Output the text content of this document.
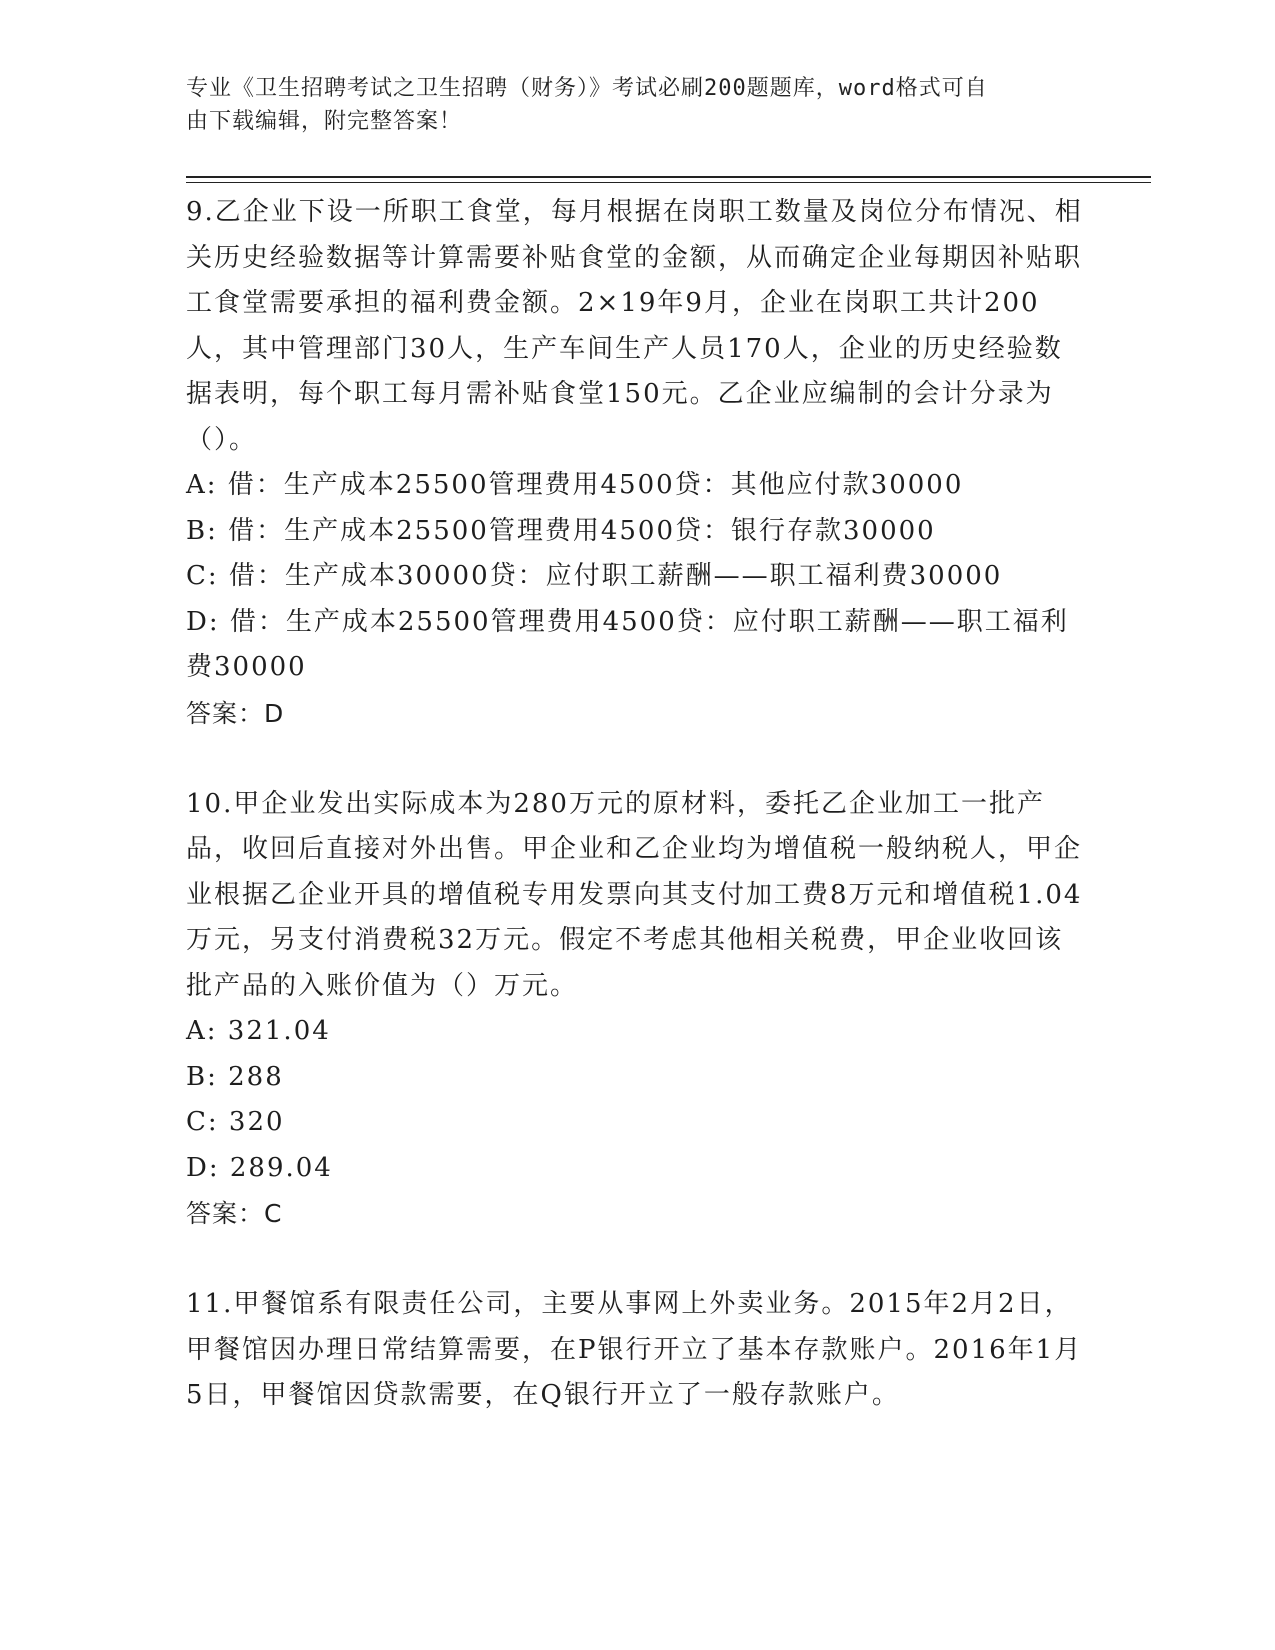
专业《卫生招聘考试之卫生招聘（财务）》考试必刷200题题库，word格式可自
由下载编辑，附完整答案！

9.乙企业下设一所职工食堂，每月根据在岗职工数量及岗位分布情况、相关历史经验数据等计算需要补贴食堂的金额，从而确定企业每期因补贴职工食堂需要承担的福利费金额。2×19年9月，企业在岗职工共计200人，其中管理部门30人，生产车间生产人员170人，企业的历史经验数据表明，每个职工每月需补贴食堂150元。乙企业应编制的会计分录为（）。

A: 借：生产成本25500管理费用4500贷：其他应付款30000

B: 借：生产成本25500管理费用4500贷：银行存款30000

C: 借：生产成本30000贷：应付职工薪酬——职工福利费30000

D: 借：生产成本25500管理费用4500贷：应付职工薪酬——职工福利费30000

答案：D

10.甲企业发出实际成本为280万元的原材料，委托乙企业加工一批产品，收回后直接对外出售。甲企业和乙企业均为增值税一般纳税人，甲企业根据乙企业开具的增值税专用发票向其支付加工费8万元和增值税1.04万元，另支付消费税32万元。假定不考虑其他相关税费，甲企业收回该批产品的入账价值为（）万元。

A: 321.04

B: 288

C: 320

D: 289.04

答案：C

11.甲餐馆系有限责任公司，主要从事网上外卖业务。2015年2月2日，甲餐馆因办理日常结算需要，在P银行开立了基本存款账户。2016年1月5日，甲餐馆因贷款需要，在Q银行开立了一般存款账户。
